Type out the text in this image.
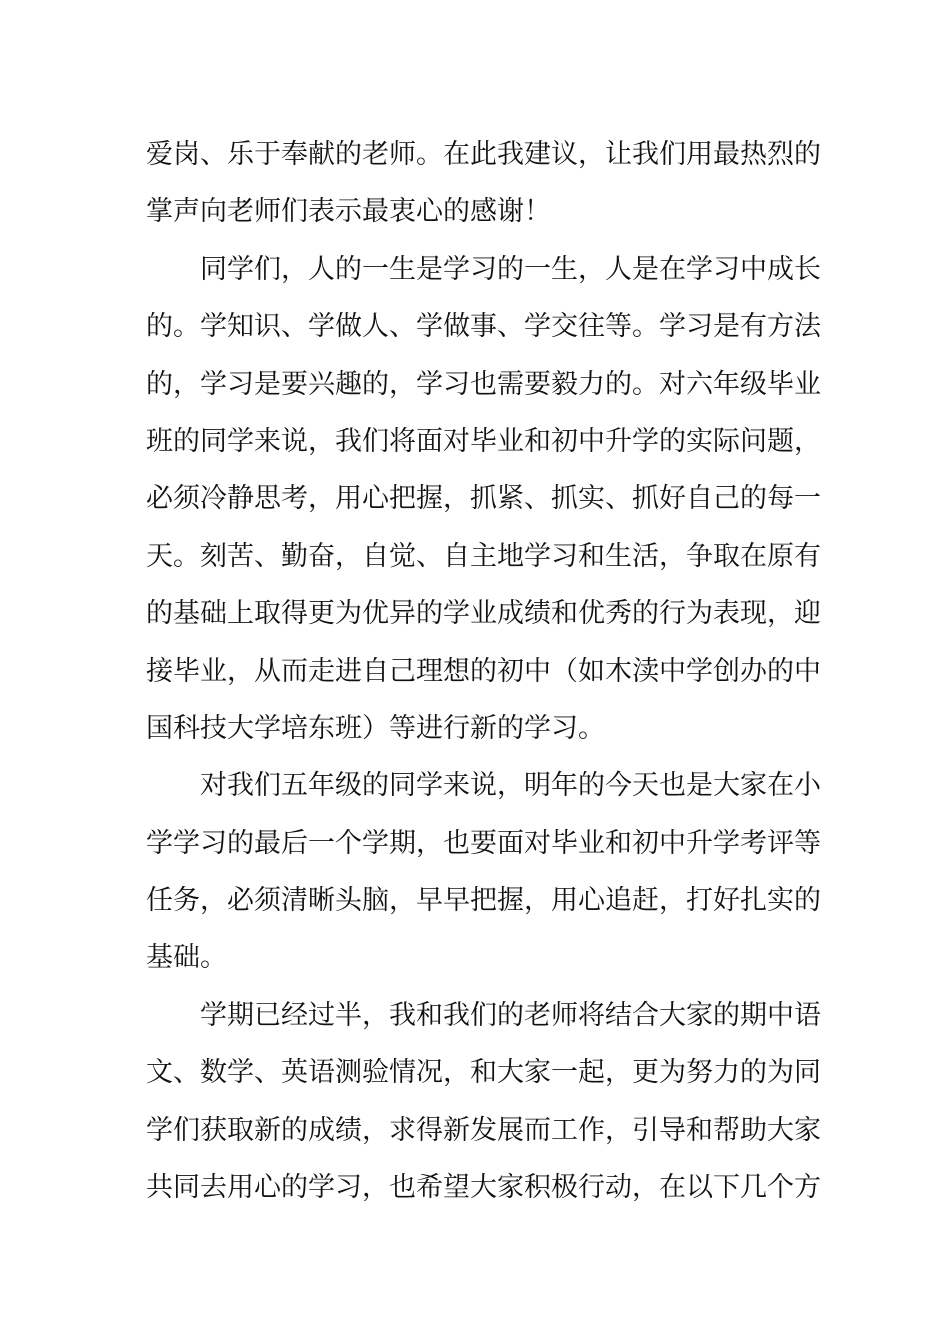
爱岗、乐于奉献的老师。在此我建议，让我们用最热烈的
掌声向老师们表示最衷心的感谢！
同学们，人的一生是学习的一生，人是在学习中成长
的。学知识、学做人、学做事、学交往等。学习是有方法
的，学习是要兴趣的，学习也需要毅力的。对六年级毕业
班的同学来说，我们将面对毕业和初中升学的实际问题，
必须冷静思考，用心把握，抓紧、抓实、抓好自己的每一
天。刻苦、勤奋，自觉、自主地学习和生活，争取在原有
的基础上取得更为优异的学业成绩和优秀的行为表现，迎
接毕业，从而走进自己理想的初中（如木渎中学创办的中
国科技大学培东班）等进行新的学习。
对我们五年级的同学来说，明年的今天也是大家在小
学学习的最后一个学期，也要面对毕业和初中升学考评等
任务，必须清晰头脑，早早把握，用心追赶，打好扎实的
基础。
学期已经过半，我和我们的老师将结合大家的期中语
文、数学、英语测验情况，和大家一起，更为努力的为同
学们获取新的成绩，求得新发展而工作，引导和帮助大家
共同去用心的学习，也希望大家积极行动，在以下几个方
